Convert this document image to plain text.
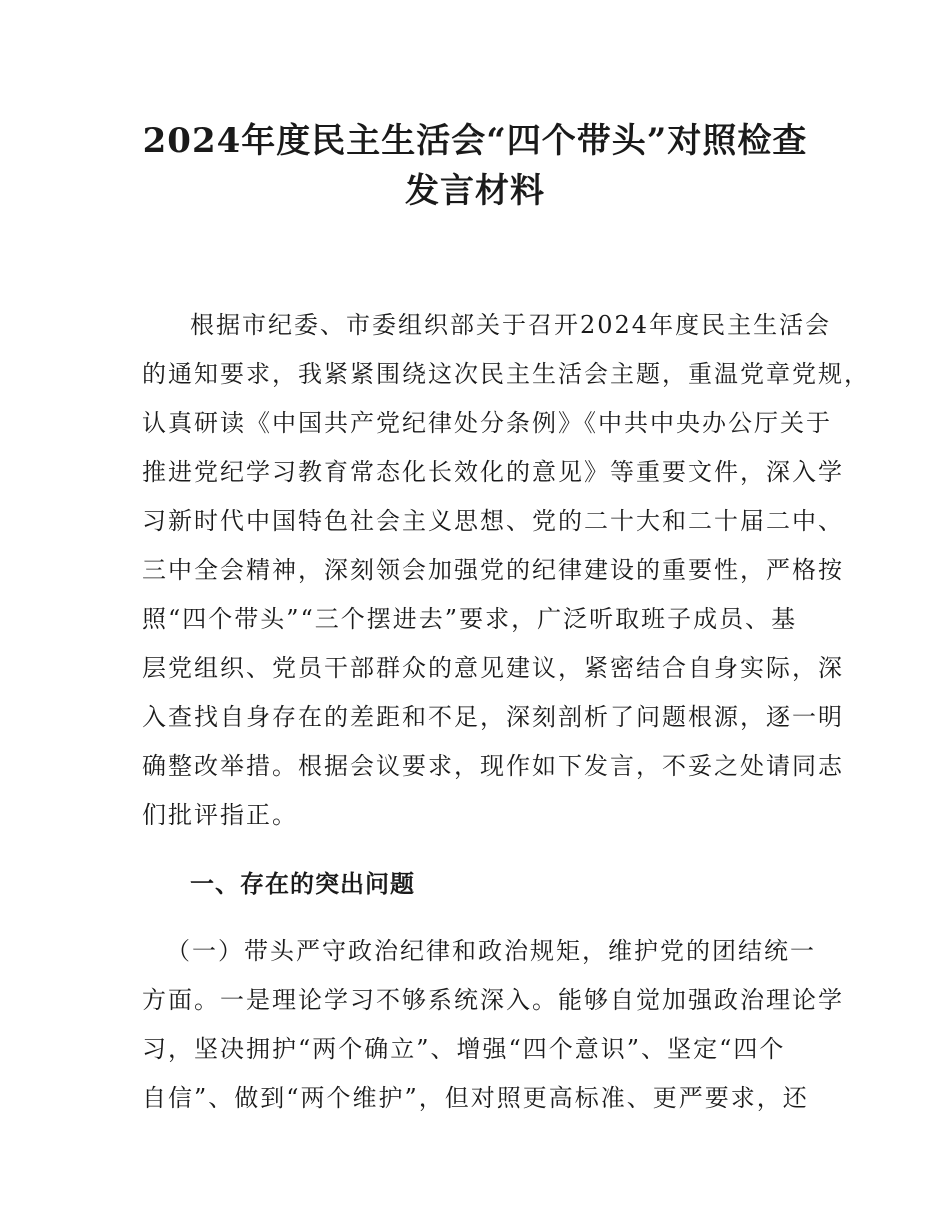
2024年度民主生活会“四个带头”对照检查
发言材料
根据市纪委、市委组织部关于召开2024年度民主生活会
的通知要求，我紧紧围绕这次民主生活会主题，重温党章党规，
认真研读《中国共产党纪律处分条例》《中共中央办公厅关于
推进党纪学习教育常态化长效化的意见》等重要文件，深入学
习新时代中国特色社会主义思想、党的二十大和二十届二中、
三中全会精神，深刻领会加强党的纪律建设的重要性，严格按
照“四个带头”“三个摆进去”要求，广泛听取班子成员、基
层党组织、党员干部群众的意见建议，紧密结合自身实际，深
入查找自身存在的差距和不足，深刻剖析了问题根源，逐一明
确整改举措。根据会议要求，现作如下发言，不妥之处请同志
们批评指正。
一、存在的突出问题
（一）带头严守政治纪律和政治规矩，维护党的团结统一
方面。一是理论学习不够系统深入。能够自觉加强政治理论学
习，坚决拥护“两个确立”、增强“四个意识”、坚定“四个
自信”、做到“两个维护”，但对照更高标准、更严要求，还
